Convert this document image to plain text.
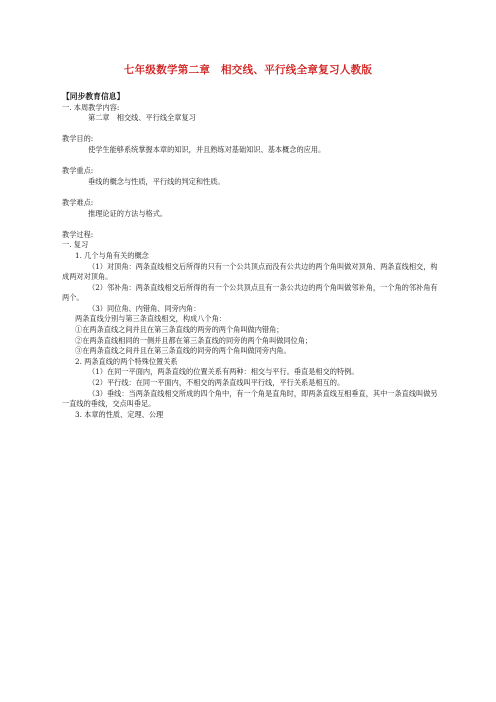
七年级数学第二章　相交线、平行线全章复习人教版

【同步教育信息】

一. 本周教学内容:

第二章　相交线、平行线全章复习

教学目的:

使学生能够系统掌握本章的知识，并且熟练对基础知识、基本概念的应用。

教学重点:

垂线的概念与性质，平行线的判定和性质。

教学难点:

推理论证的方法与格式。

教学过程:

一. 复习

1. 几个与角有关的概念

（1）对顶角：两条直线相交后所得的只有一个公共顶点而没有公共边的两个角叫做对顶角、两条直线相交，构成两对对顶角。

（2）邻补角：两条直线相交后所得的有一个公共顶点且有一条公共边的两个角叫做邻补角，一个角的邻补角有两个。

（3）同位角、内错角、同旁内角：

两条直线分别与第三条直线相交，构成八个角：

①在两条直线之间并且在第三条直线的两旁的两个角叫做内错角；

②在两条直线相同的一侧并且都在第三条直线的同旁的两个角叫做同位角；

③在两条直线之间并且在第三条直线的同旁的两个角叫做同旁内角。

2. 两条直线的两个特殊位置关系

（1）在同一平面内，两条直线的位置关系有两种：相交与平行。垂直是相交的特例。

（2）平行线：在同一平面内，不相交的两条直线叫平行线，平行关系是相互的。

（3）垂线：当两条直线相交所成的四个角中，有一个角是直角时，即两条直线互相垂直，其中一条直线叫做另一直线的垂线，交点叫垂足。

3. 本章的性质、定理、公理
